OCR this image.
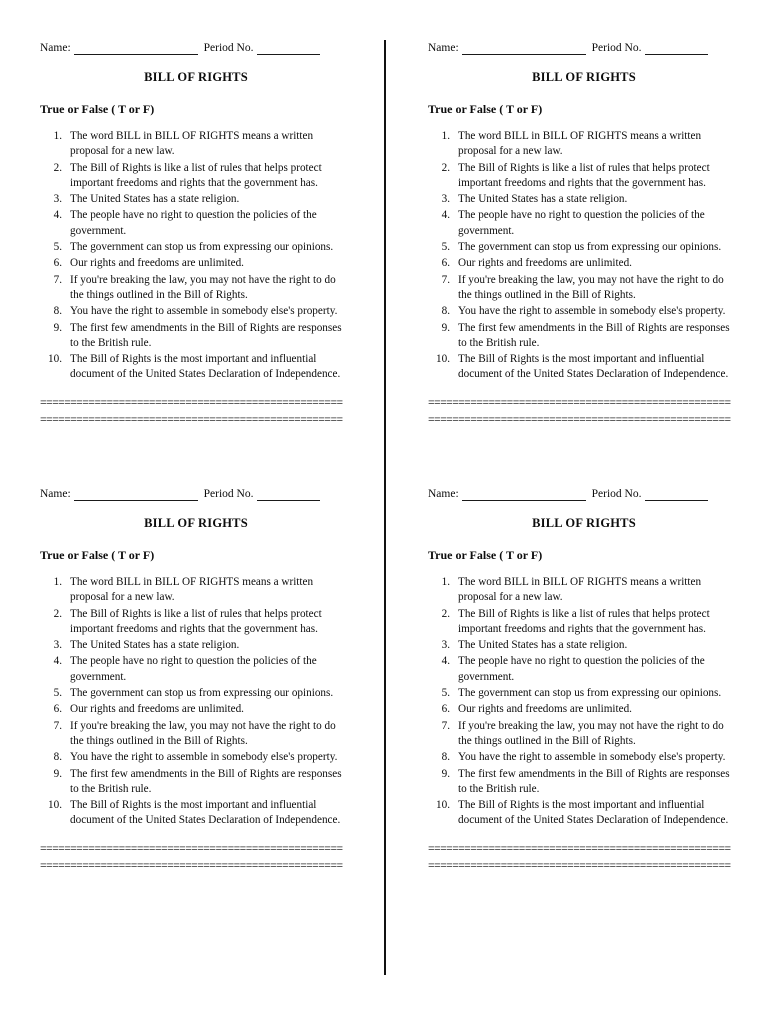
Name:	Period No.
BILL OF RIGHTS
True or False ( T or F)
1. The word BILL in BILL OF RIGHTS means a written proposal for a new law.
2. The Bill of Rights is like a list of rules that helps protect important freedoms and rights that the government has.
3. The United States has a state religion.
4. The people have no right to question the policies of the government.
5. The government can stop us from expressing our opinions.
6. Our rights and freedoms are unlimited.
7. If you're breaking the law, you may not have the right to do the things outlined in the Bill of Rights.
8. You have the right to assemble in somebody else's property.
9. The first few amendments in the Bill of Rights are responses to the British rule.
10. The Bill of Rights is the most important and influential document of the United States Declaration of Independence.
==================================================
==================================================
Name:	Period No.
BILL OF RIGHTS
True or False ( T or F)
1. The word BILL in BILL OF RIGHTS means a written proposal for a new law.
2. The Bill of Rights is like a list of rules that helps protect important freedoms and rights that the government has.
3. The United States has a state religion.
4. The people have no right to question the policies of the government.
5. The government can stop us from expressing our opinions.
6. Our rights and freedoms are unlimited.
7. If you're breaking the law, you may not have the right to do the things outlined in the Bill of Rights.
8. You have the right to assemble in somebody else's property.
9. The first few amendments in the Bill of Rights are responses to the British rule.
10. The Bill of Rights is the most important and influential document of the United States Declaration of Independence.
==================================================
==================================================
Name:	Period No.
BILL OF RIGHTS
True or False ( T or F)
1. The word BILL in BILL OF RIGHTS means a written proposal for a new law.
2. The Bill of Rights is like a list of rules that helps protect important freedoms and rights that the government has.
3. The United States has a state religion.
4. The people have no right to question the policies of the government.
5. The government can stop us from expressing our opinions.
6. Our rights and freedoms are unlimited.
7. If you're breaking the law, you may not have the right to do the things outlined in the Bill of Rights.
8. You have the right to assemble in somebody else's property.
9. The first few amendments in the Bill of Rights are responses to the British rule.
10. The Bill of Rights is the most important and influential document of the United States Declaration of Independence.
==================================================
==================================================
Name:	Period No.
BILL OF RIGHTS
True or False ( T or F)
1. The word BILL in BILL OF RIGHTS means a written proposal for a new law.
2. The Bill of Rights is like a list of rules that helps protect important freedoms and rights that the government has.
3. The United States has a state religion.
4. The people have no right to question the policies of the government.
5. The government can stop us from expressing our opinions.
6. Our rights and freedoms are unlimited.
7. If you're breaking the law, you may not have the right to do the things outlined in the Bill of Rights.
8. You have the right to assemble in somebody else's property.
9. The first few amendments in the Bill of Rights are responses to the British rule.
10. The Bill of Rights is the most important and influential document of the United States Declaration of Independence.
==================================================
==================================================
